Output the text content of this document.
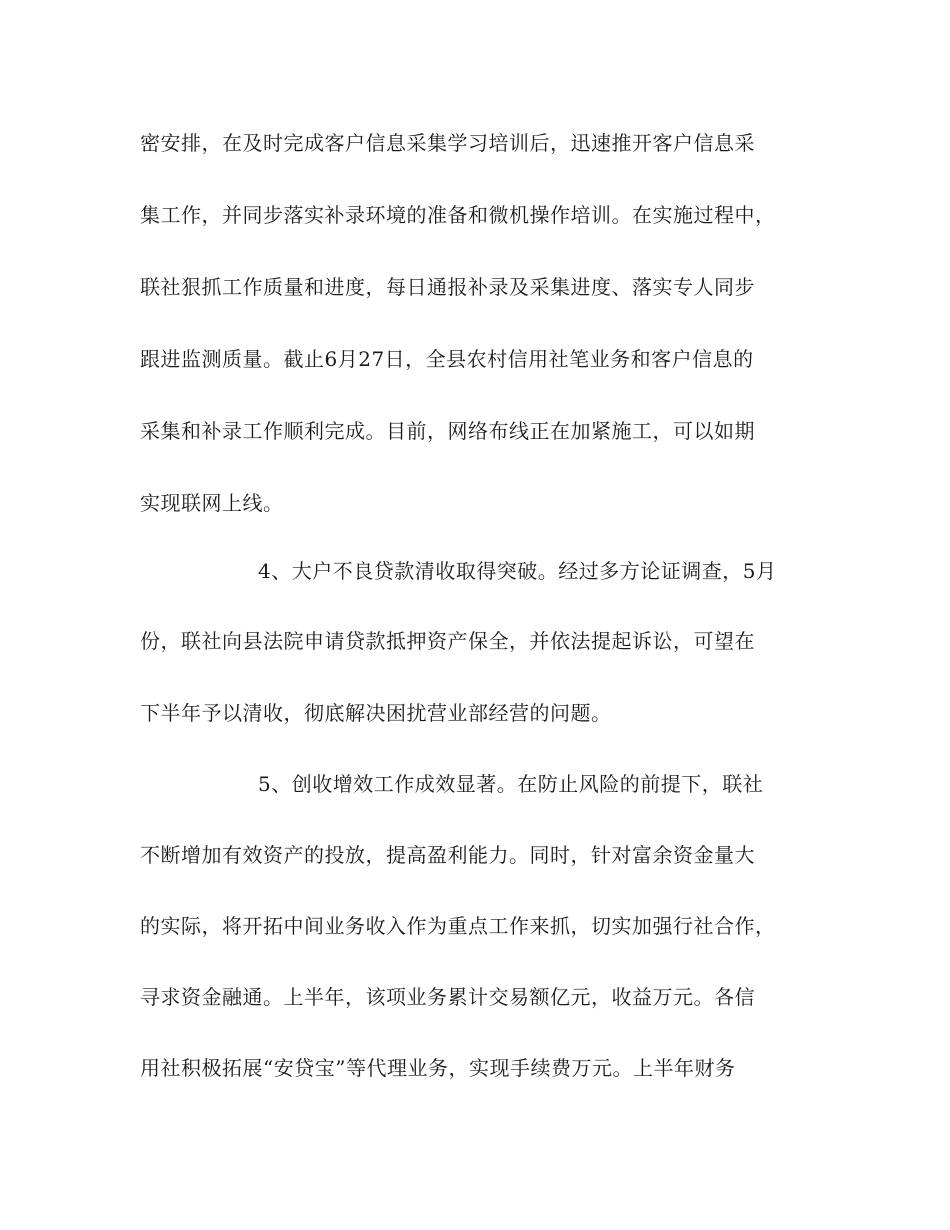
密安排，在及时完成客户信息采集学习培训后，迅速推开客户信息采
集工作，并同步落实补录环境的准备和微机操作培训。在实施过程中，
联社狠抓工作质量和进度，每日通报补录及采集进度、落实专人同步
跟进监测质量。截止6月27日，全县农村信用社笔业务和客户信息的
采集和补录工作顺利完成。目前，网络布线正在加紧施工，可以如期
实现联网上线。
4、大户不良贷款清收取得突破。经过多方论证调查，5月
份，联社向县法院申请贷款抵押资产保全，并依法提起诉讼，可望在
下半年予以清收，彻底解决困扰营业部经营的问题。
5、创收增效工作成效显著。在防止风险的前提下，联社
不断增加有效资产的投放，提高盈利能力。同时，针对富余资金量大
的实际，将开拓中间业务收入作为重点工作来抓，切实加强行社合作，
寻求资金融通。上半年，该项业务累计交易额亿元，收益万元。各信
用社积极拓展“安贷宝”等代理业务，实现手续费万元。上半年财务
